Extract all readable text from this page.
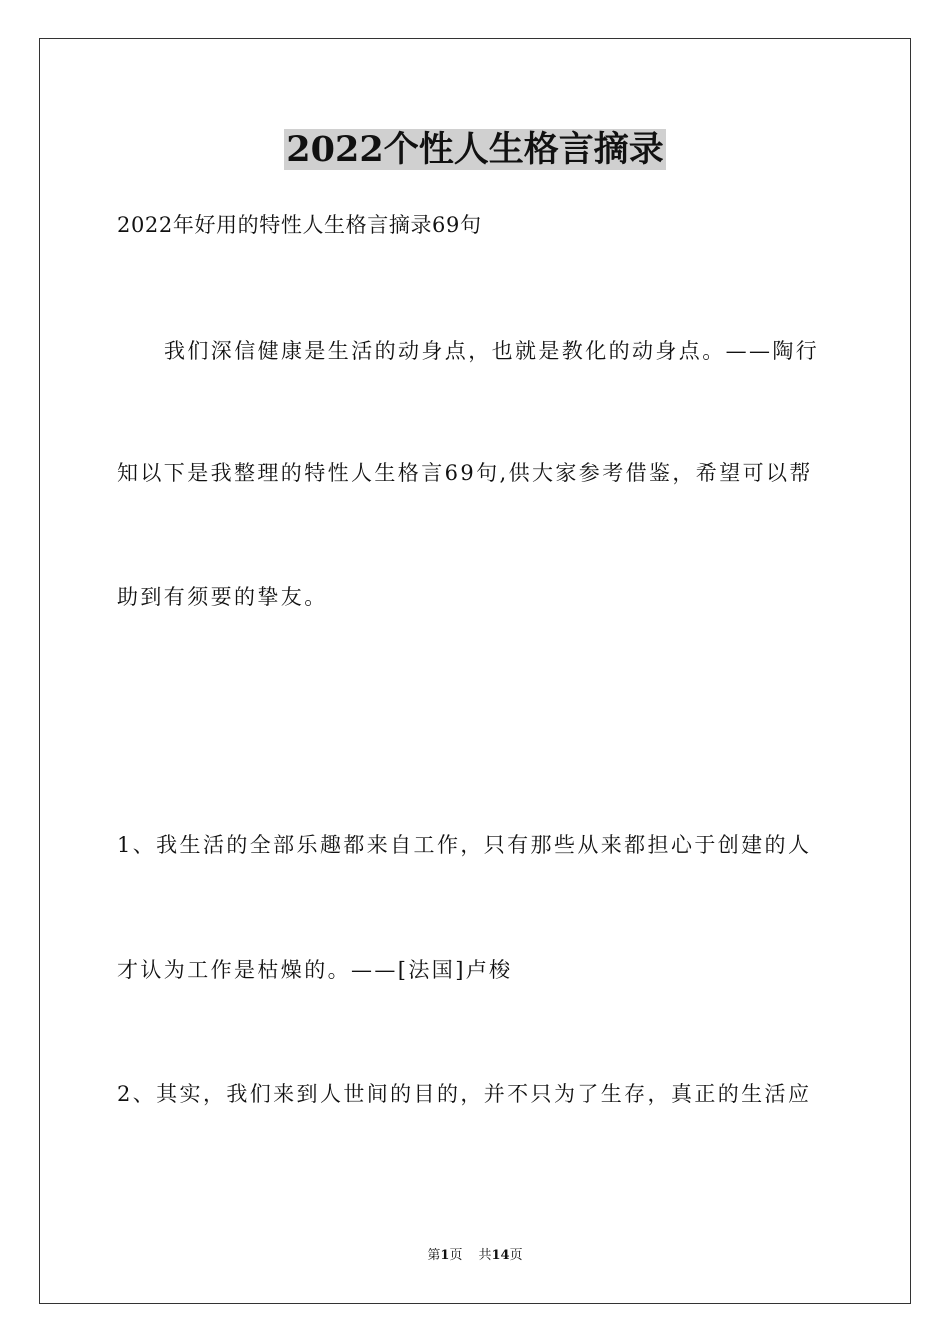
2022个性人生格言摘录
2022年好用的特性人生格言摘录69句
我们深信健康是生活的动身点，也就是教化的动身点。——陶行
知以下是我整理的特性人生格言69句,供大家参考借鉴，希望可以帮
助到有须要的挚友。
1、我生活的全部乐趣都来自工作，只有那些从来都担心于创建的人
才认为工作是枯燥的。——[法国]卢梭
2、其实，我们来到人世间的目的，并不只为了生存，真正的生活应
第1页 共14页
